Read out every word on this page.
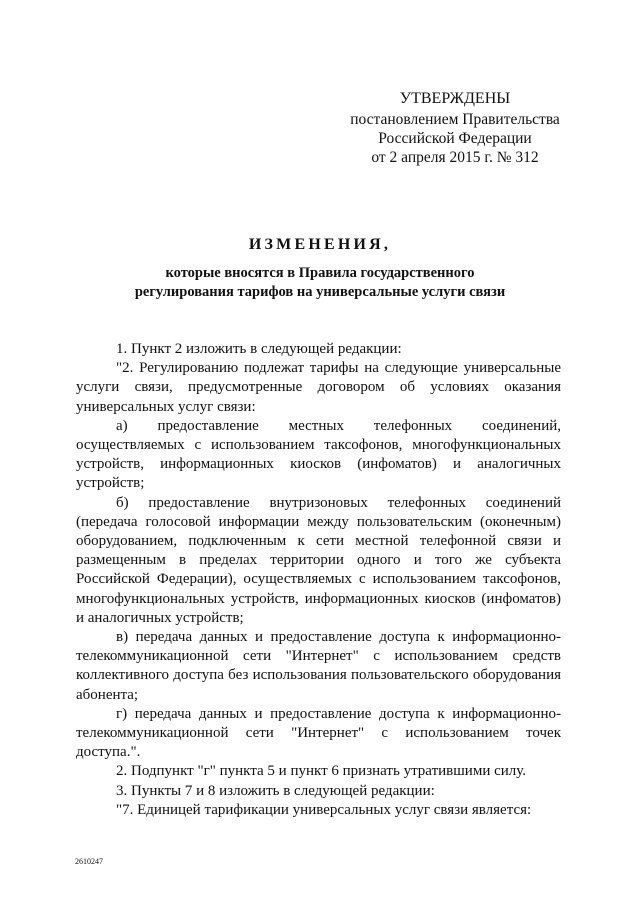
УТВЕРЖДЕНЫ
постановлением Правительства
Российской Федерации
от 2 апреля 2015 г. № 312
ИЗМЕНЕНИЯ,
которые вносятся в Правила государственного
регулирования тарифов на универсальные услуги связи

1. Пункт 2 изложить в следующей редакции:

"2. Регулированию подлежат тарифы на следующие универсальные услуги связи, предусмотренные договором об условиях оказания универсальных услуг связи:

а) предоставление местных телефонных соединений, осуществляемых с использованием таксофонов, многофункциональных устройств, информационных киосков (инфоматов) и аналогичных устройств;

б) предоставление внутризоновых телефонных соединений (передача голосовой информации между пользовательским (оконечным) оборудованием, подключенным к сети местной телефонной связи и размещенным в пределах территории одного и того же субъекта Российской Федерации), осуществляемых с использованием таксофонов, многофункциональных устройств, информационных киосков (инфоматов) и аналогичных устройств;

в) передача данных и предоставление доступа к информационно-телекоммуникационной сети "Интернет" с использованием средств коллективного доступа без использования пользовательского оборудования абонента;

г) передача данных и предоставление доступа к информационно-телекоммуникационной сети "Интернет" с использованием точек доступа.".

2. Подпункт "г" пункта 5 и пункт 6 признать утратившими силу.

3. Пункты 7 и 8 изложить в следующей редакции:

"7. Единицей тарификации универсальных услуг связи является:

2610247
